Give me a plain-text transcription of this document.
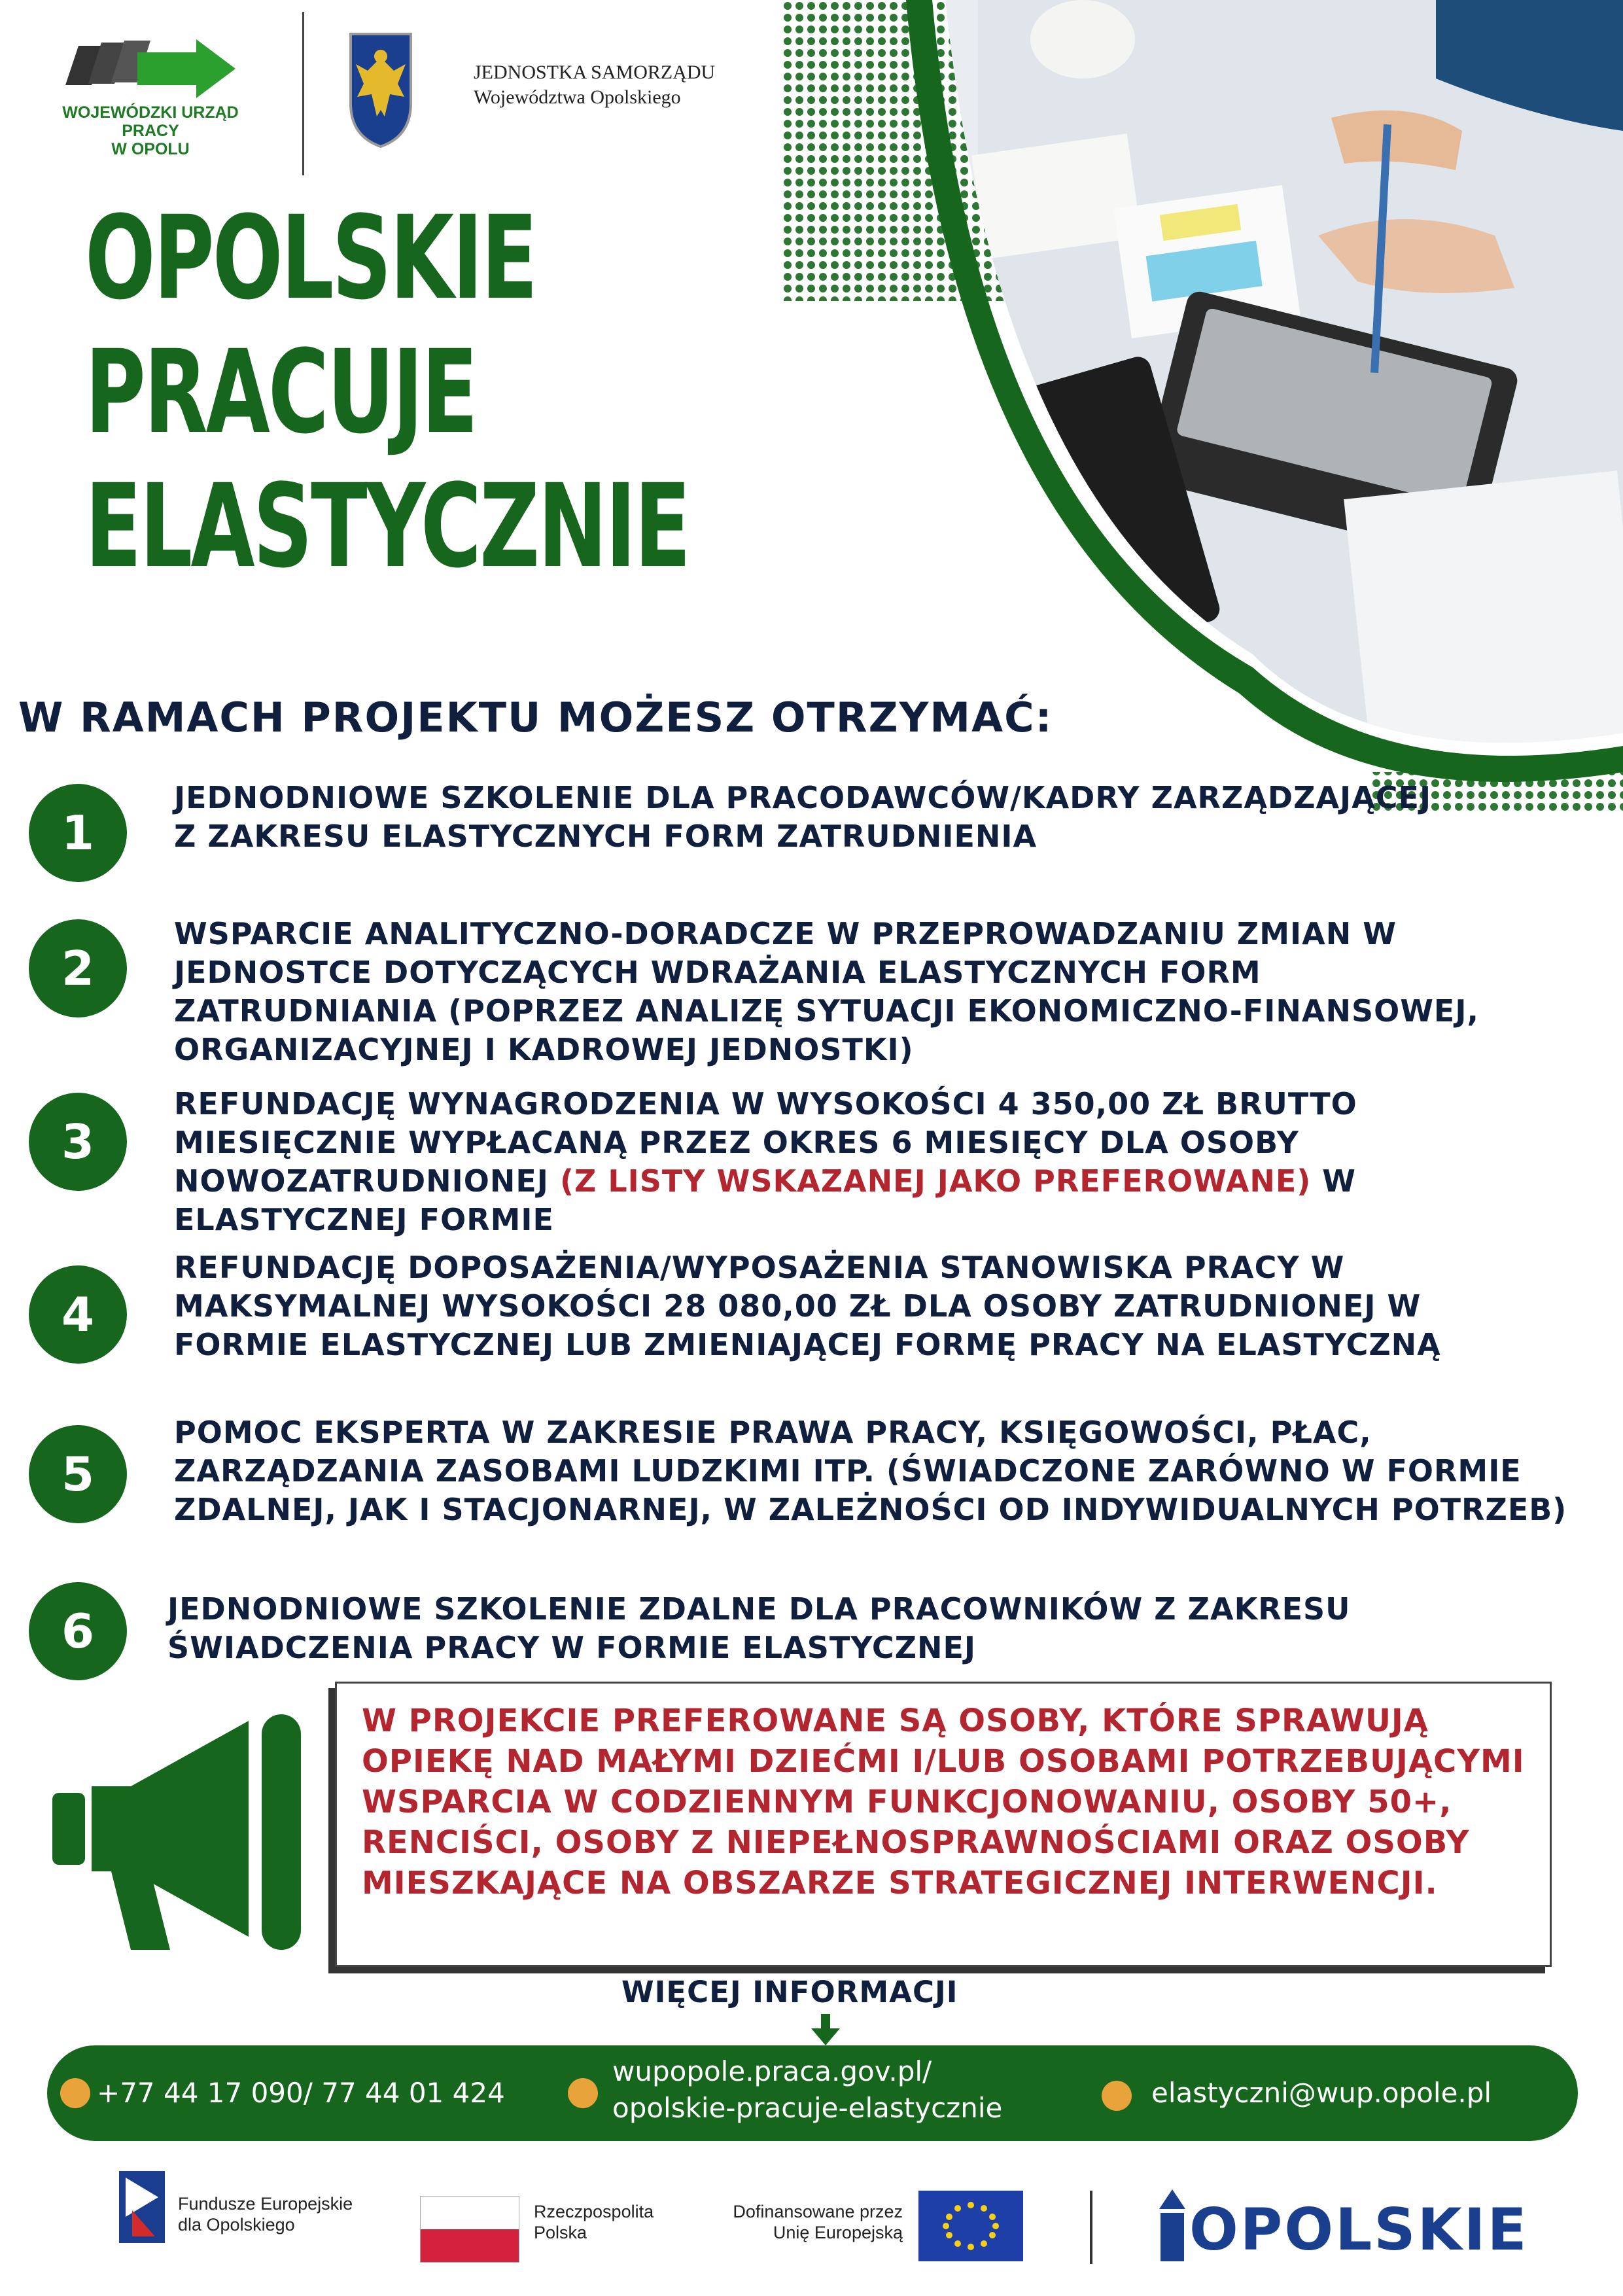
WOJEWÓDZKI URZĄD PRACY
W OPOLU
JEDNOSTKA SAMORZĄDU
Województwa Opolskiego
OPOLSKIE
PRACUJE
ELASTYCZNIE
W RAMACH PROJEKTU MOŻESZ OTRZYMAĆ:
1
JEDNODNIOWE SZKOLENIE DLA PRACODAWCÓW/KADRY ZARZĄDZAJĄCEJ Z ZAKRESU ELASTYCZNYCH FORM ZATRUDNIENIA
2
WSPARCIE ANALITYCZNO-DORADCZE W PRZEPROWADZANIU ZMIAN W JEDNOSTCE DOTYCZĄCYCH WDRAŻANIA ELASTYCZNYCH FORM ZATRUDNIANIA (POPRZEZ ANALIZĘ SYTUACJI EKONOMICZNO-FINANSOWEJ, ORGANIZACYJNEJ I KADROWEJ JEDNOSTKI)
3
REFUNDACJĘ WYNAGRODZENIA W WYSOKOŚCI 4 350,00 ZŁ BRUTTO MIESIĘCZNIE WYPŁACANĄ PRZEZ OKRES 6 MIESIĘCY DLA OSOBY NOWOZATRUDNIONEJ (Z LISTY WSKAZANEJ JAKO PREFEROWANE) W ELASTYCZNEJ FORMIE
4
REFUNDACJĘ DOPOSAŻENIA/WYPOSAŻENIA STANOWISKA PRACY W MAKSYMALNEJ WYSOKOŚCI 28 080,00 ZŁ DLA OSOBY ZATRUDNIONEJ W FORMIE ELASTYCZNEJ LUB ZMIENIAJĄCEJ FORMĘ PRACY NA ELASTYCZNĄ
5
POMOC EKSPERTA W ZAKRESIE PRAWA PRACY, KSIĘGOWOŚCI, PŁAC, ZARZĄDZANIA ZASOBAMI LUDZKIMI ITP. (ŚWIADCZONE ZARÓWNO W FORMIE ZDALNEJ, JAK I STACJONARNEJ, W ZALEŻNOŚCI OD INDYWIDUALNYCH POTRZEB)
6	JEDNODNIOWE SZKOLENIE ZDALNE DLA PRACOWNIKÓW Z ZAKRESU ŚWIADCZENIA PRACY W FORMIE ELASTYCZNEJ
W PROJEKCIE PREFEROWANE SĄ OSOBY, KTÓRE SPRAWUJĄ OPIEKĘ NAD MAŁYMI DZIEĆMI I/LUB OSOBAMI POTRZEBUJĄCYMI WSPARCIA W CODZIENNYM FUNKCJONOWANIU, OSOBY 50+, RENCIŚCI, OSOBY Z NIEPEŁNOSPRAWNOŚCIAMI ORAZ OSOBY MIESZKAJĄCE NA OBSZARZE STRATEGICZNEJ INTERWENCJI.
WIĘCEJ INFORMACJI
+77 44 17 090/ 77 44 01 424
wupopole.praca.gov.pl/
opolskie-pracuje-elastycznie	elastyczni@wup.opole.pl
Fundusze Europejskie
dla Opolskiego
Rzeczpospolita
Polska
Dofinansowane przez
Unię Europejską	OPOLSKIE
